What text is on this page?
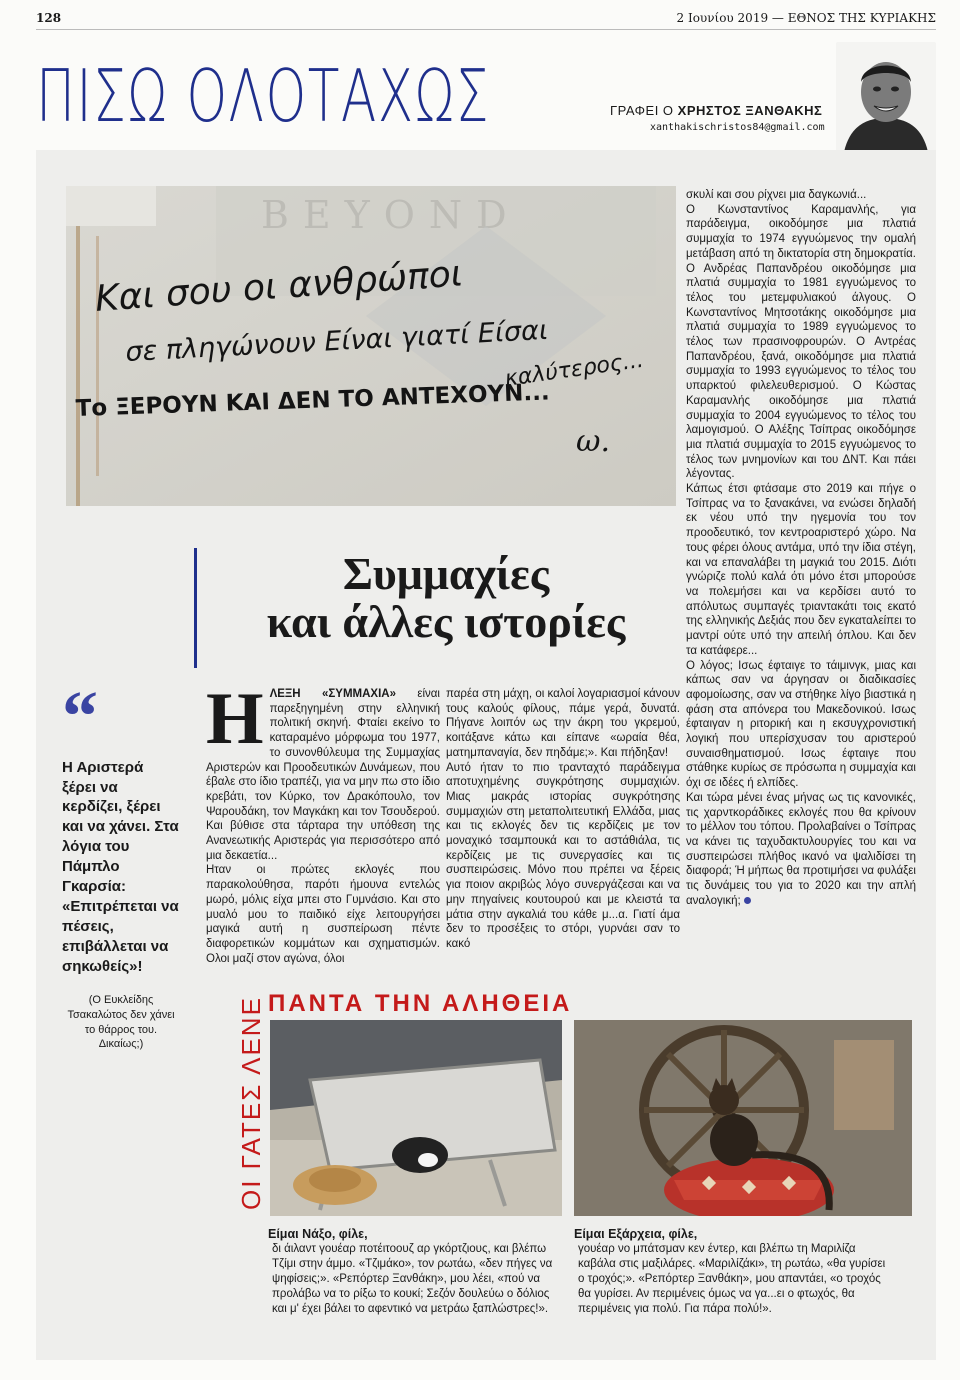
128	2 Ιουνίου 2019 — ΕΘΝΟΣ ΤΗΣ ΚΥΡΙΑΚΗΣ
ΠΙΣΩ ΟΛΟΤΑΧΩΣ	ΓΡΑΦΕΙ Ο ΧΡΗΣΤΟΣ ΞΑΝΘΑΚΗΣ
xanthakischristos84@gmail.com
BEYOND
Και σου οι ανθρώποι
σε πληγώνουν Είναι γιατί Είσαι
καλύτερος...
Το ΞΕΡΟΥΝ ΚΑΙ ΔΕΝ ΤΟ ΑΝΤΕΧΟΥΝ...
ω.
Συμμαχίες
και άλλες ιστορίες
“
Η Αριστερά ξέρει να κερδίζει, ξέρει και να χάνει. Στα λόγια του Πάμπλο Γκαρσία: «Επιτρέπεται να πέσεις, επιβάλλεται να σηκωθείς»!
(Ο Ευκλείδης Τσακαλώτος δεν χάνει το θάρρος του. Δικαίως;)
Η ΛΕΞΗ «ΣΥΜΜΑΧΙΑ» είναι παρεξηγημένη στην ελληνική πολιτική σκηνή. Φταίει εκείνο το καταραμένο μόρφωμα του 1977, το συνονθύλευμα της Συμμαχίας Αριστερών και Προοδευτικών Δυνάμεων, που έβαλε στο ίδιο τραπέζι, για να μην πω στο ίδιο κρεβάτι, τον Κύρκο, τον Δρακόπουλο, τον Ψαρουδάκη, τον Μαγκάκη και τον Τσουδερού. Και βύθισε στα τάρταρα την υπόθεση της Ανανεωτικής Αριστεράς για περισσότερο από μια δεκαετία...

Ηταν οι πρώτες εκλογές που παρακολούθησα, παρότι ήμουνα εντελώς μωρό, μόλις είχα μπει στο Γυμνάσιο. Και στο μυαλό μου το παιδικό είχε λειτουργήσει μαγικά αυτή η συσπείρωση πέντε διαφορετικών κομμάτων και σχηματισμών. Ολοι μαζί στον αγώνα, όλοι

παρέα στη μάχη, οι καλοί λογαριασμοί κάνουν τους καλούς φίλους, πάμε γερά, δυνατά. Πήγανε λοιπόν ως την άκρη του γκρεμού, κοιτάξανε κάτω και είπανε «ωραία θέα, ματημπαναγία, δεν πηδάμε;». Και πήδηξαν!

Αυτό ήταν το πιο τρανταχτό παράδειγμα αποτυχημένης συγκρότησης συμμαχιών. Μιας μακράς ιστορίας συγκρότησης συμμαχιών στη μεταπολιτευτική Ελλάδα, μιας και τις εκλογές δεν τις κερδίζεις με τον μοναχικό τσαμπουκά και το αστάθιάλα, τις κερδίζεις με τις συνεργασίες και τις συσπειρώσεις. Μόνο που πρέπει να ξέρεις για ποιον ακριβώς λόγο συνεργάζεσαι και να μην πηγαίνεις κουτουρού και με κλειστά τα μάτια στην αγκαλιά του κάθε μ...α. Γιατί άμα δεν το προσέξεις το στόρι, γυρνάει σαν το κακό

σκυλί και σου ρίχνει μια δαγκωνιά...

Ο Κωνσταντίνος Καραμανλής, για παράδειγμα, οικοδόμησε μια πλατιά συμμαχία το 1974 εγγυώμενος την ομαλή μετάβαση από τη δικτατορία στη δημοκρατία. Ο Ανδρέας Παπανδρέου οικοδόμησε μια πλατιά συμμαχία το 1981 εγγυώμενος το τέλος του μετεμφυλιακού άλγους. Ο Κωνσταντίνος Μητσοτάκης οικοδόμησε μια πλατιά συμμαχία το 1989 εγγυώμενος το τέλος των πρασινοφρουρών. Ο Αντρέας Παπανδρέου, ξανά, οικοδόμησε μια πλατιά συμμαχία το 1993 εγγυώμενος το τέλος του υπαρκτού φιλελευθερισμού. Ο Κώστας Καραμανλής οικοδόμησε μια πλατιά συμμαχία το 2004 εγγυώμενος το τέλος του λαμογισμού. Ο Αλέξης Τσίπρας οικοδόμησε μια πλατιά συμμαχία το 2015 εγγυώμενος το τέλος των μνημονίων και του ΔΝΤ. Και πάει λέγοντας.

Κάπως έτσι φτάσαμε στο 2019 και πήγε ο Τσίπρας να το ξανακάνει, να ενώσει δηλαδή εκ νέου υπό την ηγεμονία του τον προοδευτικό, τον κεντροαριστερό χώρο. Να τους φέρει όλους αντάμα, υπό την ίδια στέγη, και να επαναλάβει τη μαγκιά του 2015. Διότι γνώριζε πολύ καλά ότι μόνο έτσι μπορούσε να πολεμήσει και να κερδίσει αυτό το απόλυτως συμπαγές τριαντακάτι τοις εκατό της ελληνικής Δεξιάς που δεν εγκαταλείπει το μαντρί ούτε υπό την απειλή όπλου. Και δεν τα κατάφερε...

Ο λόγος; Ισως έφταιγε το τάιμινγκ, μιας και κάπως σαν να άργησαν οι διαδικασίες αφομοίωσης, σαν να στήθηκε λίγο βιαστικά η φάση στα απόνερα του Μακεδονικού. Ισως έφταιγαν η ριτορική και η εκσυγχρονιστική λογική που υπερίσχυσαν του αριστερού συναισθηματισμού. Ισως έφταιγε που στάθηκε κυρίως σε πρόσωπα η συμμαχία και όχι σε ιδέες ή ελπίδες.

Και τώρα μένει ένας μήνας ως τις κανονικές, τις χαρντκοράδικες εκλογές που θα κρίνουν το μέλλον του τόπου. Προλαβαίνει ο Τσίπρας να κάνει τις ταχυδακτυλουργίες του και να συσπειρώσει πλήθος ικανό να ψαλιδίσει τη διαφορά; Ή μήπως θα προτιμήσει να φυλάξει τις δυνάμεις του για το 2020 και την απλή αναλογική;

ΠΑΝΤΑ ΤΗΝ ΑΛΗΘΕΙΑ
ΟΙ ΓΑΤΕΣ ΛΕΝΕ
Είμαι Νάξο, φίλε,
δι άιλαντ γουέαρ ποτέιτοουζ αρ γκόρτζιους, και βλέπω Τζίμι στην άμμο. «Τζιμάκο», τον ρωτάω, «δεν πήγες να ψηφίσεις;». «Ρεπόρτερ Ξανθάκη», μου λέει, «πού να προλάβω να το ρίξω το κουκί; Σεζόν δουλεύω ο δόλιος και μ' έχει βάλει το αφεντικό να μετράω ξαπλώστρες!».
Είμαι Εξάρχεια, φίλε,
γουέαρ νο μπάτσμαν κεν έντερ, και βλέπω τη Μαριλίζα καβάλα στις μαξιλάρες. «Μαριλίζάκι», τη ρωτάω, «θα γυρίσει ο τροχός;». «Ρεπόρτερ Ξανθάκη», μου απαντάει, «ο τροχός θα γυρίσει. Αν περιμένεις όμως να γα...ει ο φτωχός, θα περιμένεις για πολύ. Για πάρα πολύ!».
